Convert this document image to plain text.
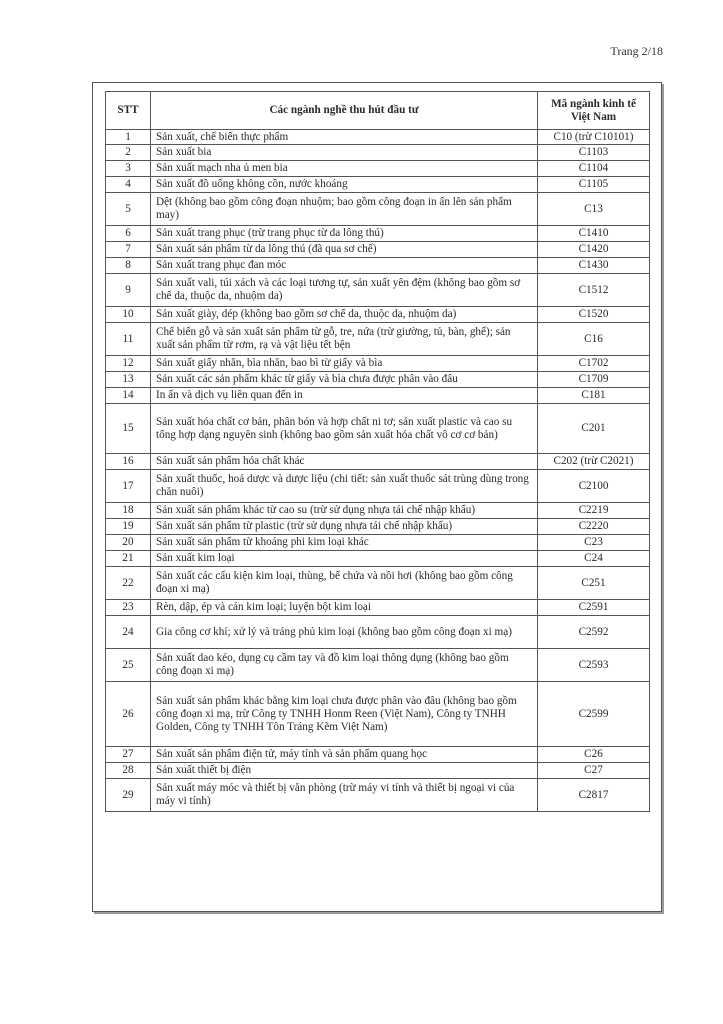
Trang 2/18
STT	Các ngành nghề thu hút đầu tư	Mã ngành kinh tế Việt Nam
1	Sản xuất, chế biến thực phẩm	C10 (trừ C10101)
2	Sản xuất bia	C1103
3	Sản xuất mạch nha ủ men bia	C1104
4	Sản xuất đồ uống không cồn, nước khoáng	C1105
5	Dệt (không bao gồm công đoạn nhuộm; bao gồm công đoạn in ấn lên sản phẩm may)	C13
6	Sản xuất trang phục (trừ trang phục từ da lông thú)	C1410
7	Sản xuất sản phẩm từ da lông thú (đã qua sơ chế)	C1420
8	Sản xuất trang phục đan móc	C1430
9	Sản xuất vali, túi xách và các loại tương tự, sản xuất yên đệm (không bao gồm sơ chế da, thuộc da, nhuộm da)	C1512
10	Sản xuất giày, dép (không bao gồm sơ chế da, thuộc da, nhuộm da)	C1520
11	Chế biến gỗ và sản xuất sản phẩm từ gỗ, tre, nứa (trừ giường, tủ, bàn, ghế); sản xuất sản phẩm từ rơm, rạ và vật liệu tết bện	C16
12	Sản xuất giấy nhăn, bìa nhăn, bao bì từ giấy và bìa	C1702
13	Sản xuất các sản phẩm khác từ giấy và bìa chưa được phân vào đâu	C1709
14	In ấn và dịch vụ liên quan đến in	C181
15	Sản xuất hóa chất cơ bản, phân bón và hợp chất ni tơ; sản xuất plastic và cao su tổng hợp dạng nguyên sinh (không bao gồm sản xuất hóa chất vô cơ cơ bản)	C201
16	Sản xuất sản phẩm hóa chất khác	C202 (trừ C2021)
17	Sản xuất thuốc, hoá dược và dược liệu (chi tiết: sản xuất thuốc sát trùng dùng trong chăn nuôi)	C2100
18	Sản xuất sản phẩm khác từ cao su (trừ sử dụng nhựa tái chế nhập khẩu)	C2219
19	Sản xuất sản phẩm từ plastic (trừ sử dụng nhựa tái chế nhập khẩu)	C2220
20	Sản xuất sản phẩm từ khoáng phi kim loại khác	C23
21	Sản xuất kim loại	C24
22	Sản xuất các cấu kiện kim loại, thùng, bể chứa và nồi hơi (không bao gồm công đoạn xi mạ)	C251
23	Rèn, dập, ép và cán kim loại; luyện bột kim loại	C2591
24	Gia công cơ khí; xử lý và tráng phủ kim loại (không bao gồm công đoạn xi mạ)	C2592
25	Sản xuất dao kéo, dụng cụ cầm tay và đồ kim loại thông dụng (không bao gồm công đoạn xi mạ)	C2593
26	Sản xuất sản phẩm khác bằng kim loại chưa được phân vào đâu (không bao gồm công đoạn xi mạ, trừ Công ty TNHH Honm Reen (Việt Nam), Công ty TNHH Golden, Công ty TNHH Tôn Tráng Kẽm Việt Nam)	C2599
27	Sản xuất sản phẩm điện tử, máy tính và sản phẩm quang học	C26
28	Sản xuất thiết bị điện	C27
29	Sản xuất máy móc và thiết bị văn phòng (trừ máy vi tính và thiết bị ngoại vi của máy vi tính)	C2817
